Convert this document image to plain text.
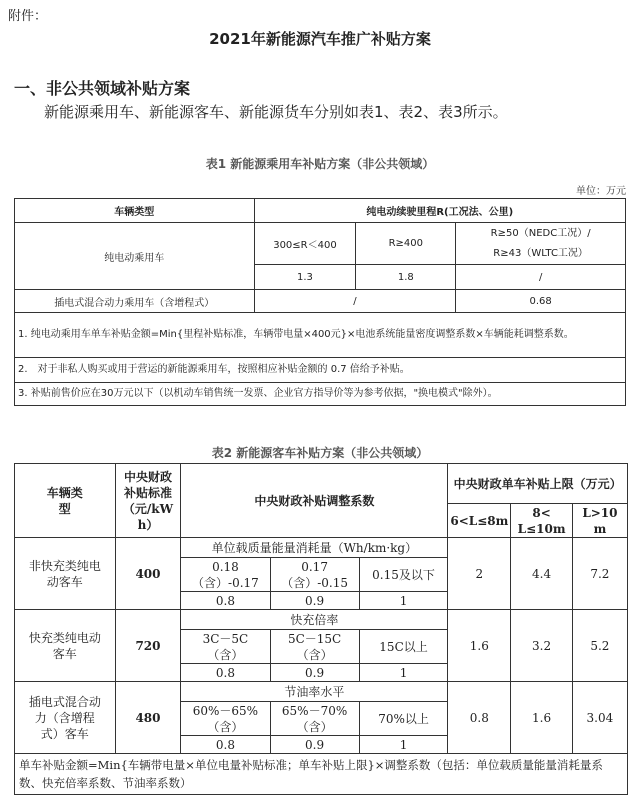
附件：
2021年新能源汽车推广补贴方案
一、非公共领域补贴方案
新能源乘用车、新能源客车、新能源货车分别如表1、表2、表3所示。
表1 新能源乘用车补贴方案（非公共领域）
单位：万元
车辆类型	纯电动续驶里程R(工况法、公里)		
纯电动乘用车	300≤R＜400	R≥400	R≥50（NEDC工况）/
R≥43（WLTC工况）

	1.3	1.8	/
插电式混合动力乘用车（含增程式）	/		0.68
1. 纯电动乘用车单车补贴金额=Min{里程补贴标准，车辆带电量×400元}×电池系统能量密度调整系数×车辆能耗调整系数。			
2.　对于非私人购买或用于营运的新能源乘用车，按照相应补贴金额的 0.7 倍给予补贴。			
3. 补贴前售价应在30万元以下（以机动车销售统一发票、企业官方指导价等为参考依据，"换电模式"除外）。			
表2 新能源客车补贴方案（非公共领域）
车辆类型	中央财政补贴标准（元/kWh）	中央财政补贴调整系数			中央财政单车补贴上限（万元）		
					6<L≤8m	8< L≤10m	L>10 m
非快充类纯电动客车	400	单位载质量能量消耗量（Wh/km·kg）			2	4.4	7.2
		0.18（含）-0.17	0.17（含）-0.15	0.15及以下			
		0.8	0.9	1			
快充类纯电动客车	720	快充倍率			1.6	3.2	5.2
		3C－5C（含）	5C－15C（含）	15C以上			
		0.8	0.9	1			
插电式混合动力（含增程式）客车	480	节油率水平			0.8	1.6	3.04
		60%－65%（含）	65%－70%（含）	70%以上			
		0.8	0.9	1			
单车补贴金额=Min{车辆带电量×单位电量补贴标准；单车补贴上限}×调整系数（包括：单位载质量能量消耗量系数、快充倍率系数、节油率系数）							
